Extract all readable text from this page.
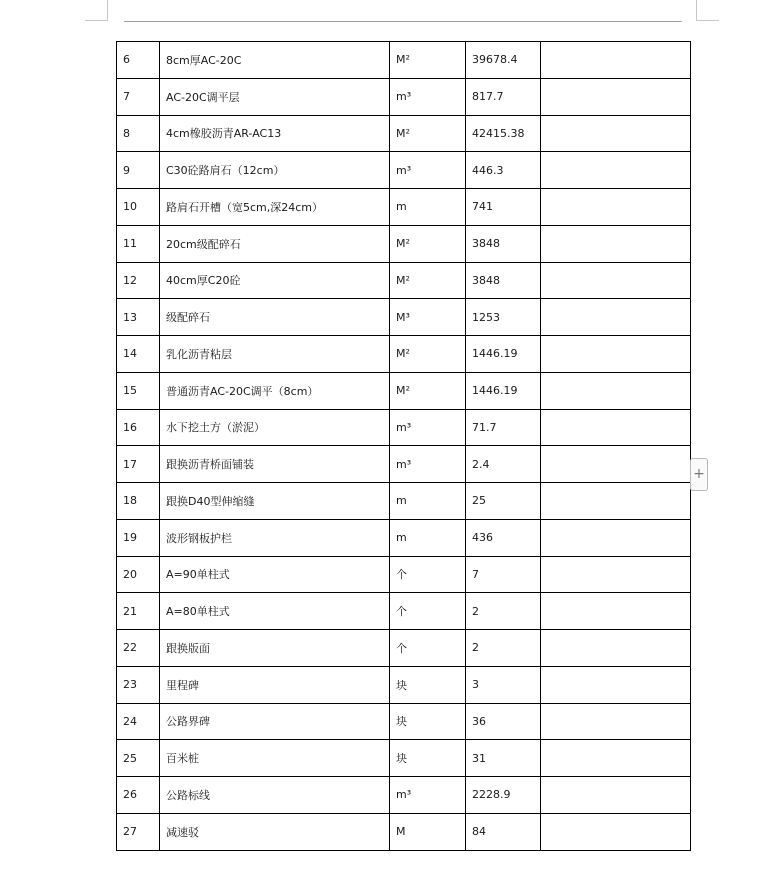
6	8cm厚AC-20C	M²	39678.4	
7	AC-20C调平层	m³	817.7	
8	4cm橡胶沥青AR-AC13	M²	42415.38	
9	C30砼路肩石（12cm）	m³	446.3	
10	路肩石开槽（宽5cm,深24cm）	m	741	
11	20cm级配碎石	M²	3848	
12	40cm厚C20砼	M²	3848	
13	级配碎石	M³	1253	
14	乳化沥青粘层	M²	1446.19	
15	普通沥青AC-20C调平（8cm）	M²	1446.19	
16	水下挖土方（淤泥）	m³	71.7	
17	跟换沥青桥面铺装	m³	2.4	
18	跟换D40型伸缩缝	m	25	
19	波形钢板护栏	m	436	
20	A=90单柱式	个	7	
21	A=80单柱式	个	2	
22	跟换版面	个	2	
23	里程碑	块	3	
24	公路界碑	块	36	
25	百米桩	块	31	
26	公路标线	m³	2228.9	
27	减速驳	M	84	
+
